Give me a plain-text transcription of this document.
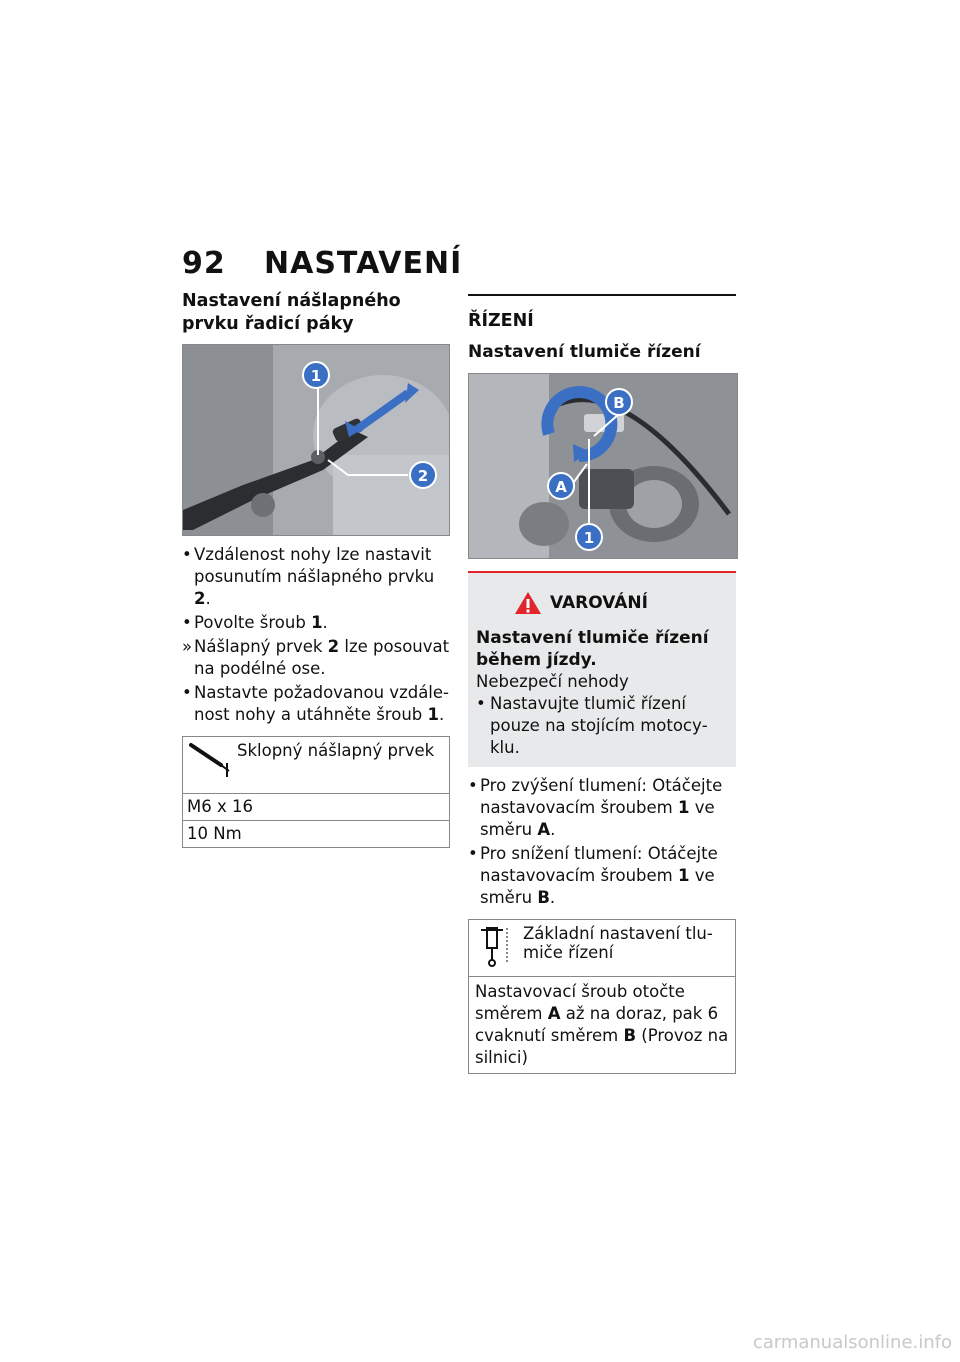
92 NASTAVENÍ
Nastavení nášlapného prvku řadicí páky
1
2
• Vzdálenost nohy lze nastavit posunutím nášlapného prvku 2.
• Povolte šroub 1.
» Nášlapný prvek 2 lze posouvat na podélné ose.
• Nastavte požadovanou vzdálenost nohy a utáhněte šroub 1.
Sklopný nášlapný prvek
M6 x 16
10 Nm
ŘÍZENÍ
Nastavení tlumiče řízení
B
A
1
VAROVÁNÍ
Nastavení tlumiče řízení během jízdy.
Nebezpečí nehody
• Nastavujte tlumič řízení pouze na stojícím motocyklu.
• Pro zvýšení tlumení: Otáčejte nastavovacím šroubem 1 ve směru A.
• Pro snížení tlumení: Otáčejte nastavovacím šroubem 1 ve směru B.
Základní nastavení tlumiče řízení
Nastavovací šroub otočte směrem A až na doraz, pak 6 cvaknutí směrem B (Provoz na silnici)
carmanualsonline.info
